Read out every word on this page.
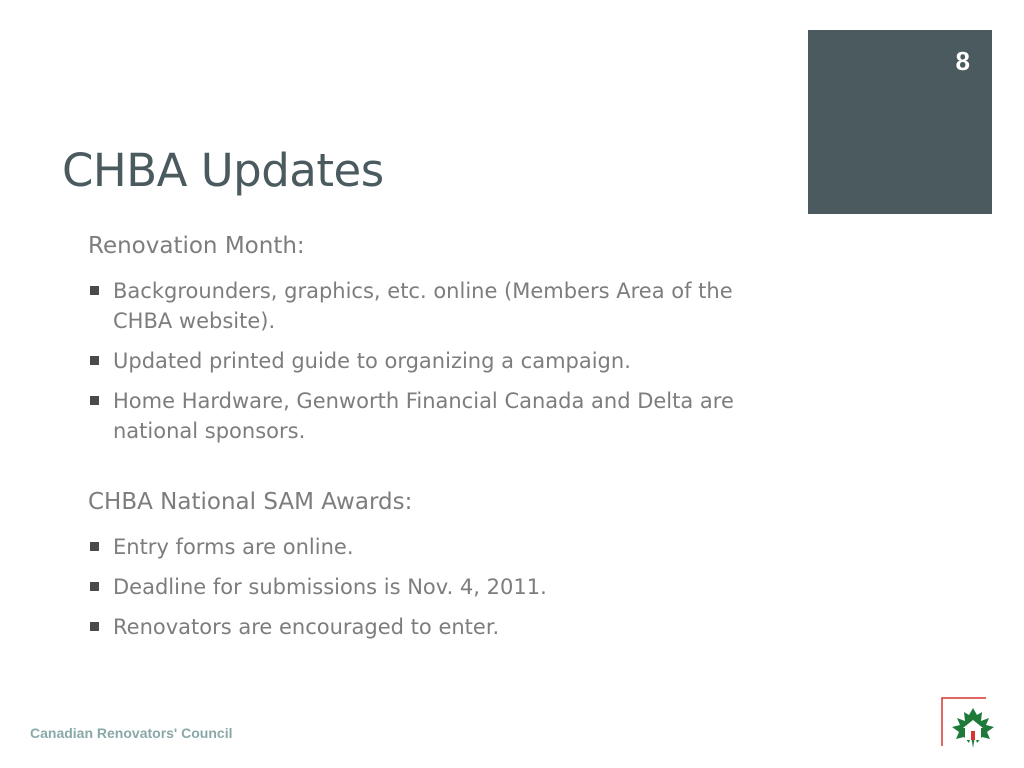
8
CHBA Updates
Renovation Month:
Backgrounders, graphics, etc. online (Members Area of the CHBA website).
Updated printed guide to organizing a campaign.
Home Hardware, Genworth Financial Canada and Delta are national sponsors.
CHBA National SAM Awards:
Entry forms are online.
Deadline for submissions is Nov. 4, 2011.
Renovators are encouraged to enter.
Canadian Renovators' Council
